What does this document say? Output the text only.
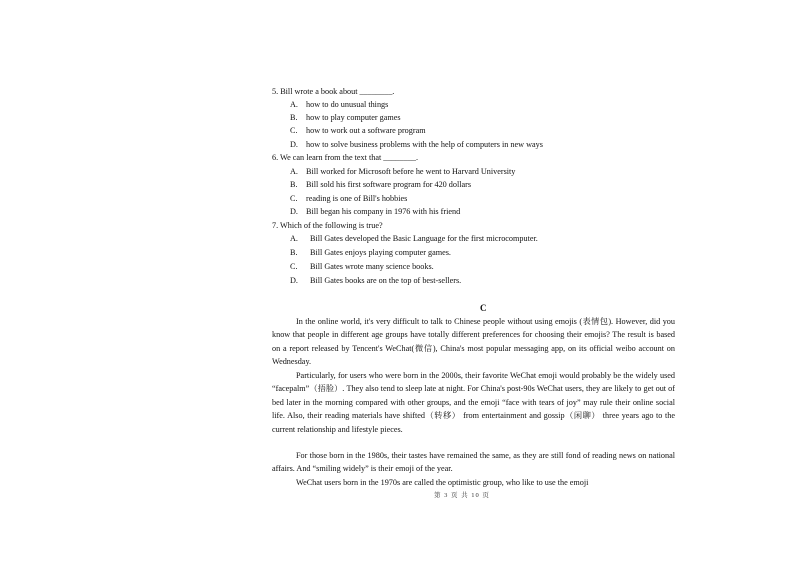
5. Bill wrote a book about ________.
A. how to do unusual things
B. how to play computer games
C. how to work out a software program
D. how to solve business problems with the help of computers in new ways
6. We can learn from the text that ________.
A. Bill worked for Microsoft before he went to Harvard University
B. Bill sold his first software program for 420 dollars
C. reading is one of Bill's hobbies
D. Bill began his company in 1976 with his friend
7. Which of the following is true?
A. Bill Gates developed the Basic Language for the first microcomputer.
B. Bill Gates enjoys playing computer games.
C. Bill Gates wrote many science books.
D. Bill Gates books are on the top of best-sellers.
C
In the online world, it's very difficult to talk to Chinese people without using emojis (表情包). However, did you know that people in different age groups have totally different preferences for choosing their emojis? The result is based on a report released by Tencent's WeChat(微信), China's most popular messaging app, on its official weibo account on Wednesday.
Particularly, for users who were born in the 2000s, their favorite WeChat emoji would probably be the widely used “facepalm”（捂脸）. They also tend to sleep late at night. For China's post-90s WeChat users, they are likely to get out of bed later in the morning compared with other groups, and the emoji “face with tears of joy” may rule their online social life. Also, their reading materials have shifted（转移） from entertainment and gossip（闲聊） three years ago to the current relationship and lifestyle pieces.
For those born in the 1980s, their tastes have remained the same, as they are still fond of reading news on national affairs. And “smiling widely” is their emoji of the year.
WeChat users born in the 1970s are called the optimistic group, who like to use the emoji
第 3 页 共 10 页
